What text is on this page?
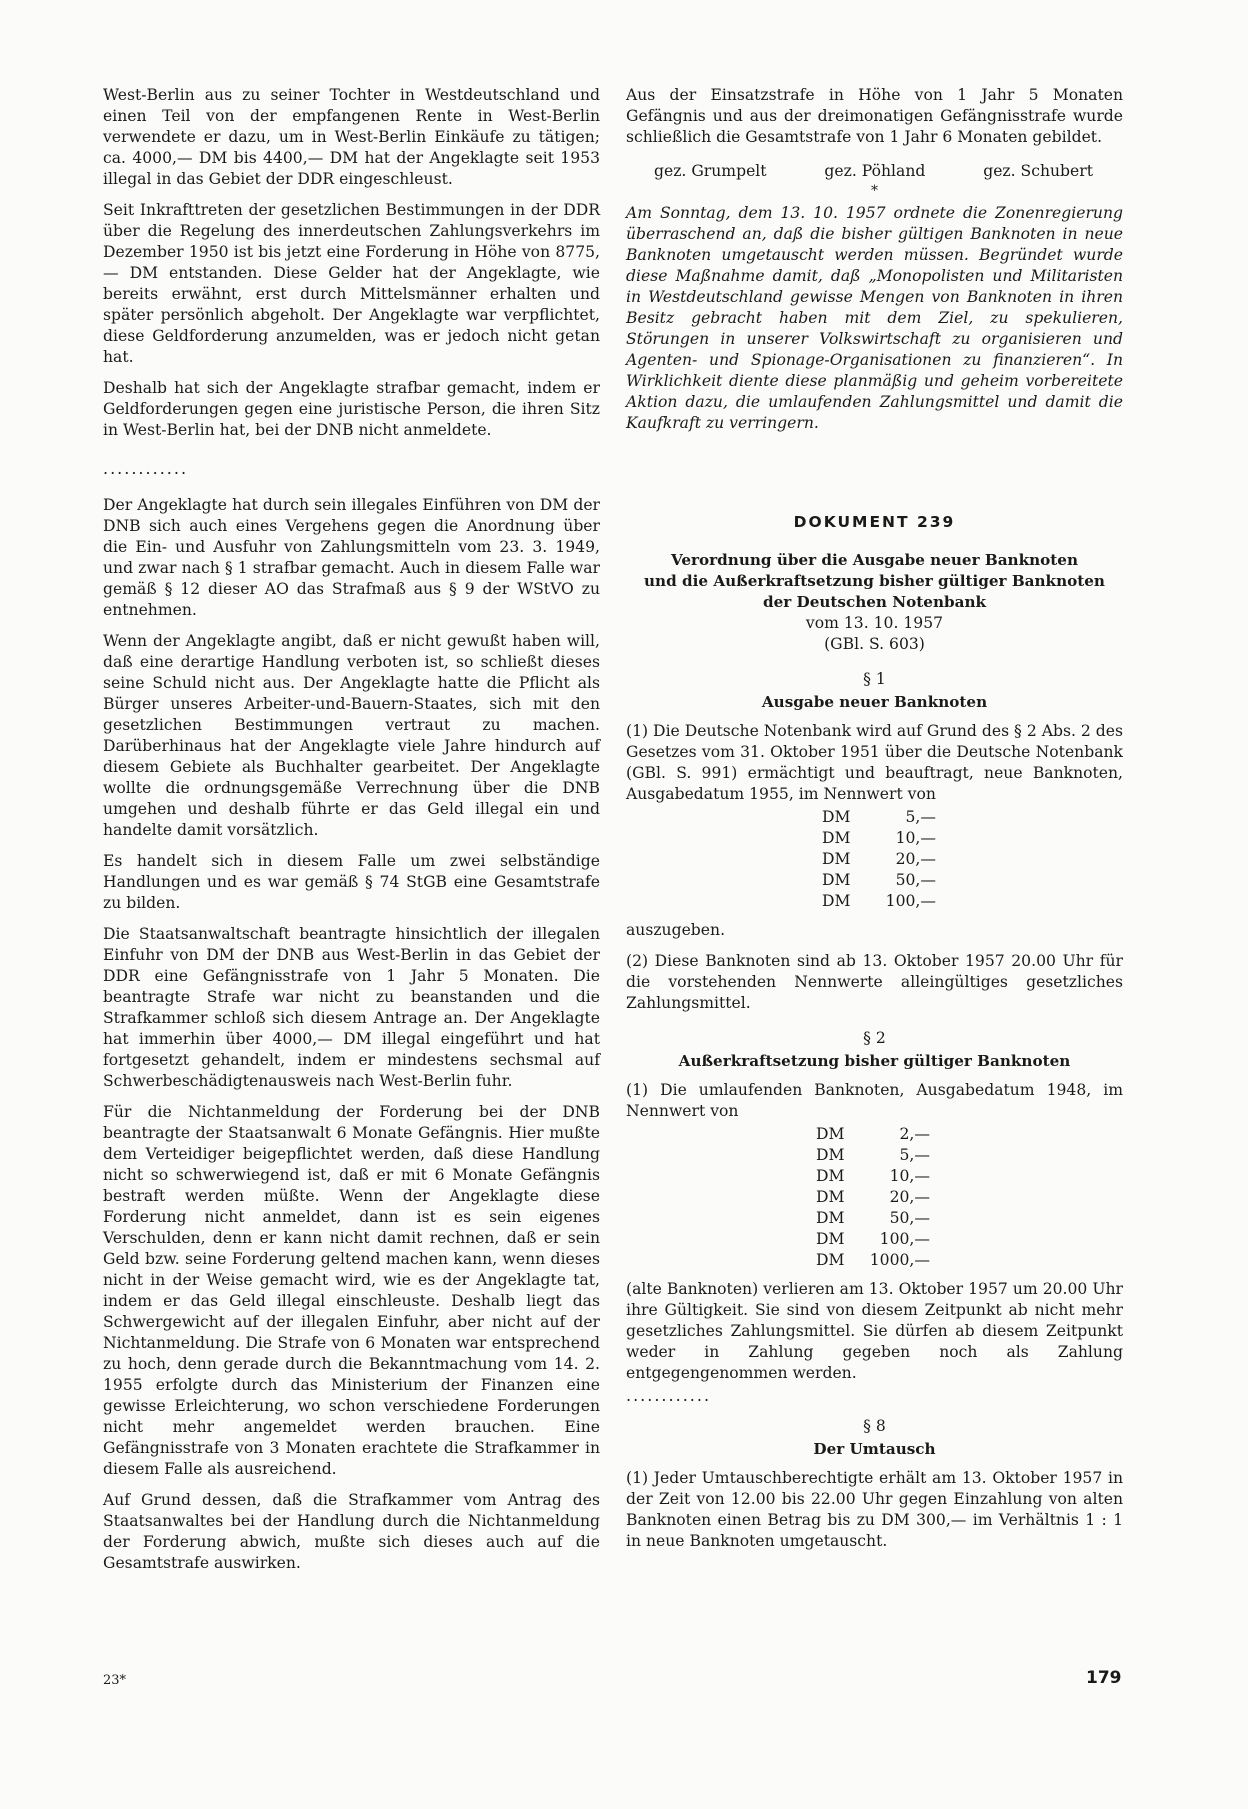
West-Berlin aus zu seiner Tochter in Westdeutschland und einen Teil von der empfangenen Rente in West-Berlin verwendete er dazu, um in West-Berlin Einkäufe zu tätigen; ca. 4000,— DM bis 4400,— DM hat der Angeklagte seit 1953 illegal in das Gebiet der DDR eingeschleust.

Seit Inkrafttreten der gesetzlichen Bestimmungen in der DDR über die Regelung des innerdeutschen Zahlungsverkehrs im Dezember 1950 ist bis jetzt eine Forderung in Höhe von 8775,— DM entstanden. Diese Gelder hat der Angeklagte, wie bereits erwähnt, erst durch Mittelsmänner erhalten und später persönlich abgeholt. Der Angeklagte war verpflichtet, diese Geldforderung anzumelden, was er jedoch nicht getan hat.

Deshalb hat sich der Angeklagte strafbar gemacht, indem er Geldforderungen gegen eine juristische Person, die ihren Sitz in West-Berlin hat, bei der DNB nicht anmeldete.

............

Der Angeklagte hat durch sein illegales Einführen von DM der DNB sich auch eines Vergehens gegen die Anordnung über die Ein- und Ausfuhr von Zahlungsmitteln vom 23. 3. 1949, und zwar nach § 1 strafbar gemacht. Auch in diesem Falle war gemäß § 12 dieser AO das Strafmaß aus § 9 der WStVO zu entnehmen.

Wenn der Angeklagte angibt, daß er nicht gewußt haben will, daß eine derartige Handlung verboten ist, so schließt dieses seine Schuld nicht aus. Der Angeklagte hatte die Pflicht als Bürger unseres Arbeiter-und-Bauern-Staates, sich mit den gesetzlichen Bestimmungen vertraut zu machen. Darüberhinaus hat der Angeklagte viele Jahre hindurch auf diesem Gebiete als Buchhalter gearbeitet. Der Angeklagte wollte die ordnungsgemäße Verrechnung über die DNB umgehen und deshalb führte er das Geld illegal ein und handelte damit vorsätzlich.

Es handelt sich in diesem Falle um zwei selbständige Handlungen und es war gemäß § 74 StGB eine Gesamtstrafe zu bilden.

Die Staatsanwaltschaft beantragte hinsichtlich der illegalen Einfuhr von DM der DNB aus West-Berlin in das Gebiet der DDR eine Gefängnisstrafe von 1 Jahr 5 Monaten. Die beantragte Strafe war nicht zu beanstanden und die Strafkammer schloß sich diesem Antrage an. Der Angeklagte hat immerhin über 4000,— DM illegal eingeführt und hat fortgesetzt gehandelt, indem er mindestens sechsmal auf Schwerbeschädigtenausweis nach West-Berlin fuhr.

Für die Nichtanmeldung der Forderung bei der DNB beantragte der Staatsanwalt 6 Monate Gefängnis. Hier mußte dem Verteidiger beigepflichtet werden, daß diese Handlung nicht so schwerwiegend ist, daß er mit 6 Monate Gefängnis bestraft werden müßte. Wenn der Angeklagte diese Forderung nicht anmeldet, dann ist es sein eigenes Verschulden, denn er kann nicht damit rechnen, daß er sein Geld bzw. seine Forderung geltend machen kann, wenn dieses nicht in der Weise gemacht wird, wie es der Angeklagte tat, indem er das Geld illegal einschleuste. Deshalb liegt das Schwergewicht auf der illegalen Einfuhr, aber nicht auf der Nichtanmeldung. Die Strafe von 6 Monaten war entsprechend zu hoch, denn gerade durch die Bekanntmachung vom 14. 2. 1955 erfolgte durch das Ministerium der Finanzen eine gewisse Erleichterung, wo schon verschiedene Forderungen nicht mehr angemeldet werden brauchen. Eine Gefängnisstrafe von 3 Monaten erachtete die Strafkammer in diesem Falle als ausreichend.

Auf Grund dessen, daß die Strafkammer vom Antrag des Staatsanwaltes bei der Handlung durch die Nichtanmeldung der Forderung abwich, mußte sich dieses auch auf die Gesamtstrafe auswirken.

Aus der Einsatzstrafe in Höhe von 1 Jahr 5 Monaten Gefängnis und aus der dreimonatigen Gefängnisstrafe wurde schließlich die Gesamtstrafe von 1 Jahr 6 Monaten gebildet.

gez. Grumpelt	gez. Pöhland	gez. Schubert
*

Am Sonntag, dem 13. 10. 1957 ordnete die Zonenregierung überraschend an, daß die bisher gültigen Banknoten in neue Banknoten umgetauscht werden müssen. Begründet wurde diese Maßnahme damit, daß „Monopolisten und Militaristen in Westdeutschland gewisse Mengen von Banknoten in ihren Besitz gebracht haben mit dem Ziel, zu spekulieren, Störungen in unserer Volkswirtschaft zu organisieren und Agenten- und Spionage-Organisationen zu finanzieren“. In Wirklichkeit diente diese planmäßig und geheim vorbereitete Aktion dazu, die umlaufenden Zahlungsmittel und damit die Kaufkraft zu verringern.

DOKUMENT 239
Verordnung über die Ausgabe neuer Banknoten
und die Außerkraftsetzung bisher gültiger Banknoten
der Deutschen Notenbank
vom 13. 10. 1957
(GBl. S. 603)
§ 1
Ausgabe neuer Banknoten

(1) Die Deutsche Notenbank wird auf Grund des § 2 Abs. 2 des Gesetzes vom 31. Oktober 1951 über die Deutsche Notenbank (GBl. S. 991) ermächtigt und beauftragt, neue Banknoten, Ausgabedatum 1955, im Nennwert von

DM	5,—
DM	10,—
DM	20,—
DM	50,—
DM	100,—

auszugeben.

(2) Diese Banknoten sind ab 13. Oktober 1957 20.00 Uhr für die vorstehenden Nennwerte alleingültiges gesetzliches Zahlungsmittel.

§ 2
Außerkraftsetzung bisher gültiger Banknoten

(1) Die umlaufenden Banknoten, Ausgabedatum 1948, im Nennwert von

DM	2,—
DM	5,—
DM	10,—
DM	20,—
DM	50,—
DM	100,—
DM	1000,—

(alte Banknoten) verlieren am 13. Oktober 1957 um 20.00 Uhr ihre Gültigkeit. Sie sind von diesem Zeitpunkt ab nicht mehr gesetzliches Zahlungsmittel. Sie dürfen ab diesem Zeitpunkt weder in Zahlung gegeben noch als Zahlung entgegengenommen werden.

............
§ 8
Der Umtausch

(1) Jeder Umtauschberechtigte erhält am 13. Oktober 1957 in der Zeit von 12.00 bis 22.00 Uhr gegen Einzahlung von alten Banknoten einen Betrag bis zu DM 300,— im Verhältnis 1 : 1 in neue Banknoten umgetauscht.

23*	179
